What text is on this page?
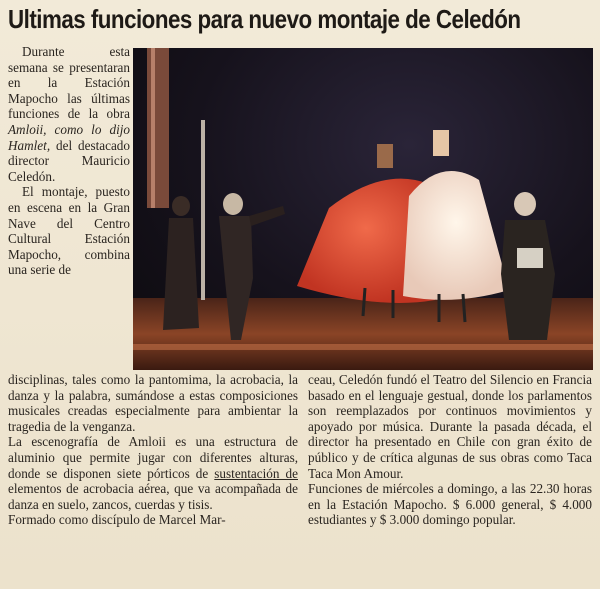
Ultimas funciones para nuevo montaje de Celedón

Durante esta semana se presentaran en la Estación Mapocho las últimas funciones de la obra Amloii, como lo dijo Hamlet, del destacado director Mauricio Celedón.

El montaje, puesto en escena en la Gran Nave del Centro Cultural Estación Mapocho, combina una serie de

disciplinas, tales como la pantomima, la acrobacia, la danza y la palabra, sumándose a estas composiciones musicales creadas especialmente para ambientar la tragedia de la venganza.

La escenografía de Amloii es una estructura de aluminio que permite jugar con diferentes alturas, donde se disponen siete pórticos de sustentación de elementos de acrobacia aérea, que va acompañada de danza en suelo, zancos, cuerdas y tisis.

Formado como discípulo de Marcel Mar-

ceau, Celedón fundó el Teatro del Silencio en Francia basado en el lenguaje gestual, donde los parlamentos son reemplazados por continuos movimientos y apoyado por música. Durante la pasada década, el director ha presentado en Chile con gran éxito de público y de crítica algunas de sus obras como Taca Taca Mon Amour.

Funciones de miércoles a domingo, a las 22.30 horas en la Estación Mapocho. $ 6.000 general, $ 4.000 estudiantes y $ 3.000 domingo popular.
